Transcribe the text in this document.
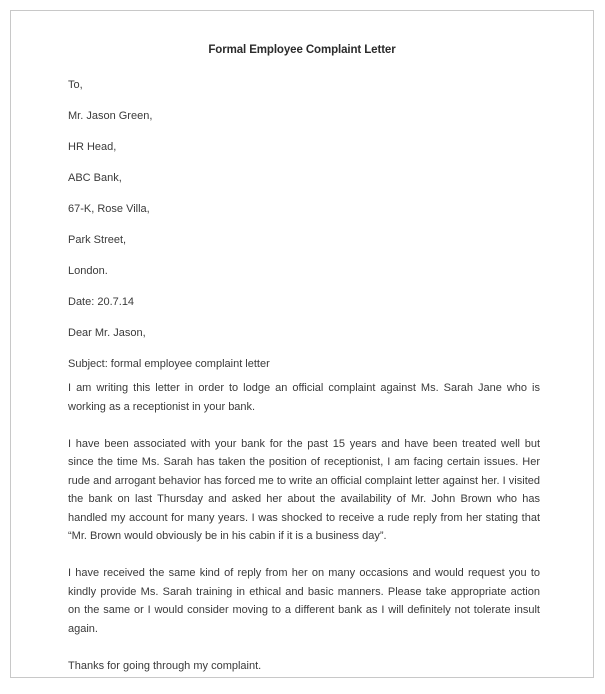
Formal Employee Complaint Letter
To,
Mr. Jason Green,
HR Head,
ABC Bank,
67-K, Rose Villa,
Park Street,
London.
Date: 20.7.14
Dear Mr. Jason,
Subject: formal employee complaint letter

I am writing this letter in order to lodge an official complaint against Ms. Sarah Jane who is working as a receptionist in your bank.

I have been associated with your bank for the past 15 years and have been treated well but since the time Ms. Sarah has taken the position of receptionist, I am facing certain issues. Her rude and arrogant behavior has forced me to write an official complaint letter against her. I visited the bank on last Thursday and asked her about the availability of Mr. John Brown who has handled my account for many years. I was shocked to receive a rude reply from her stating that “Mr. Brown would obviously be in his cabin if it is a business day”.

I have received the same kind of reply from her on many occasions and would request you to kindly provide Ms. Sarah training in ethical and basic manners. Please take appropriate action on the same or I would consider moving to a different bank as I will definitely not tolerate insult again.

Thanks for going through my complaint.
